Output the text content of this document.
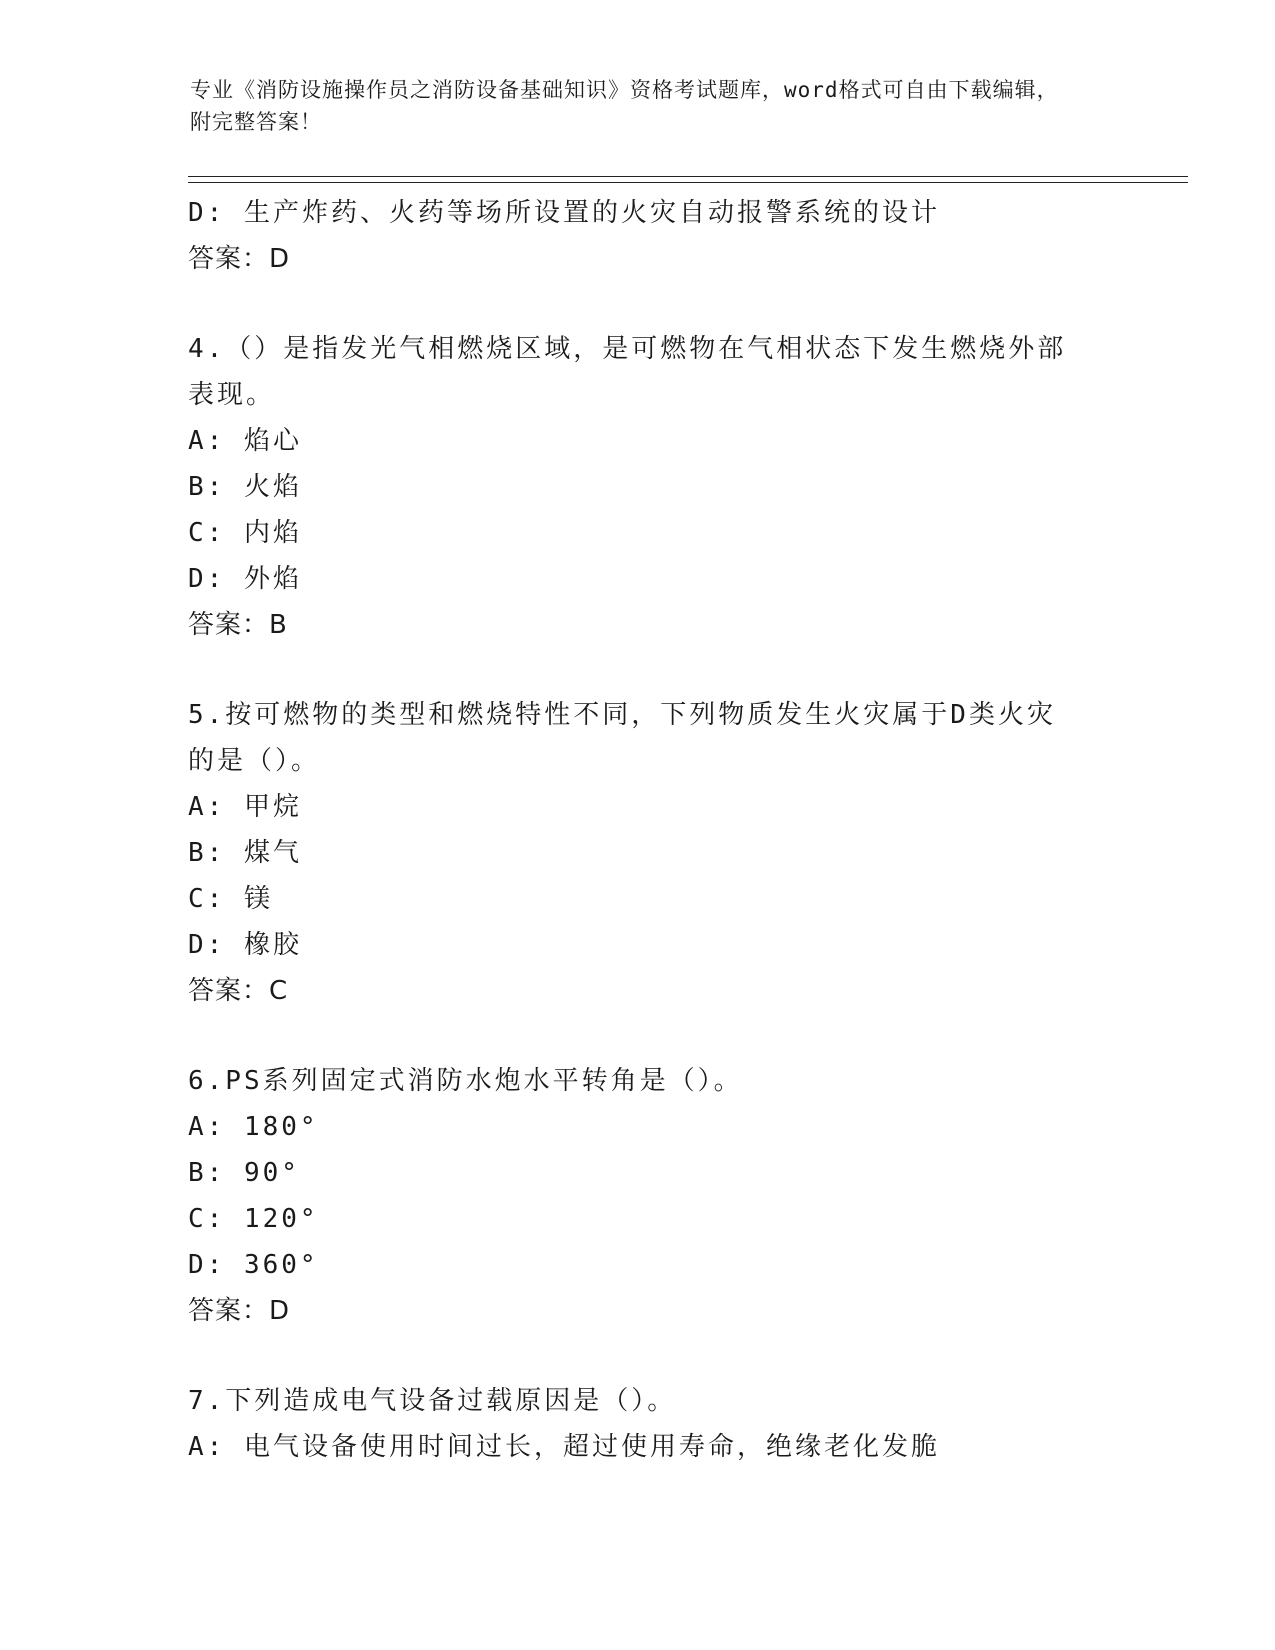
专业《消防设施操作员之消防设备基础知识》资格考试题库，word格式可自由下载编辑，附完整答案！
D: 生产炸药、火药等场所设置的火灾自动报警系统的设计
答案：D
4.（）是指发光气相燃烧区域，是可燃物在气相状态下发生燃烧外部
表现。
A: 焰心
B: 火焰
C: 内焰
D: 外焰
答案：B
5.按可燃物的类型和燃烧特性不同，下列物质发生火灾属于D类火灾
的是（）。
A: 甲烷
B: 煤气
C: 镁
D: 橡胶
答案：C
6.PS系列固定式消防水炮水平转角是（）。
A: 180°
B: 90°
C: 120°
D: 360°
答案：D
7.下列造成电气设备过载原因是（）。
A: 电气设备使用时间过长，超过使用寿命，绝缘老化发脆
